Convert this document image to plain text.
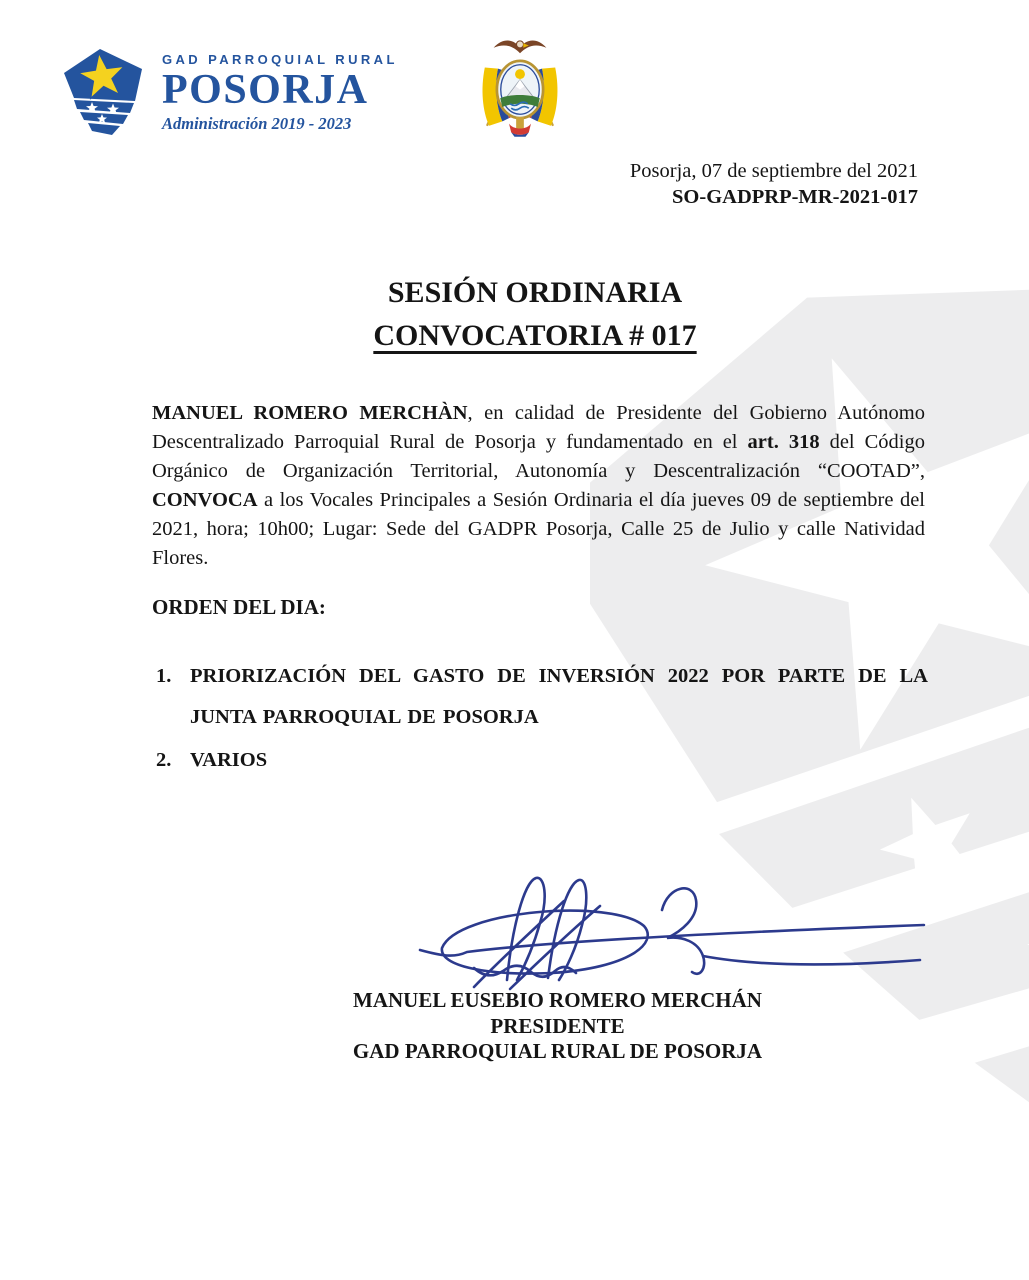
GAD PARROQUIAL RURAL
POSORJA
Administración 2019 - 2023
Posorja, 07 de septiembre del 2021
SO-GADPRP-MR-2021-017
SESIÓN ORDINARIA
CONVOCATORIA # 017

MANUEL ROMERO MERCHÀN, en calidad de Presidente del Gobierno Autónomo Descentralizado Parroquial Rural de Posorja y fundamentado en el art. 318 del Código Orgánico de Organización Territorial, Autonomía y Descentralización “COOTAD”, CONVOCA a los Vocales Principales a Sesión Ordinaria el día jueves 09 de septiembre del 2021, hora; 10h00; Lugar: Sede del GADPR Posorja, Calle 25 de Julio y calle Natividad Flores.

ORDEN DEL DIA:
1. PRIORIZACIÓN DEL GASTO DE INVERSIÓN 2022 POR PARTE DE LA JUNTA PARROQUIAL DE POSORJA
2. VARIOS
MANUEL EUSEBIO ROMERO MERCHÁN
PRESIDENTE
GAD PARROQUIAL RURAL DE POSORJA
